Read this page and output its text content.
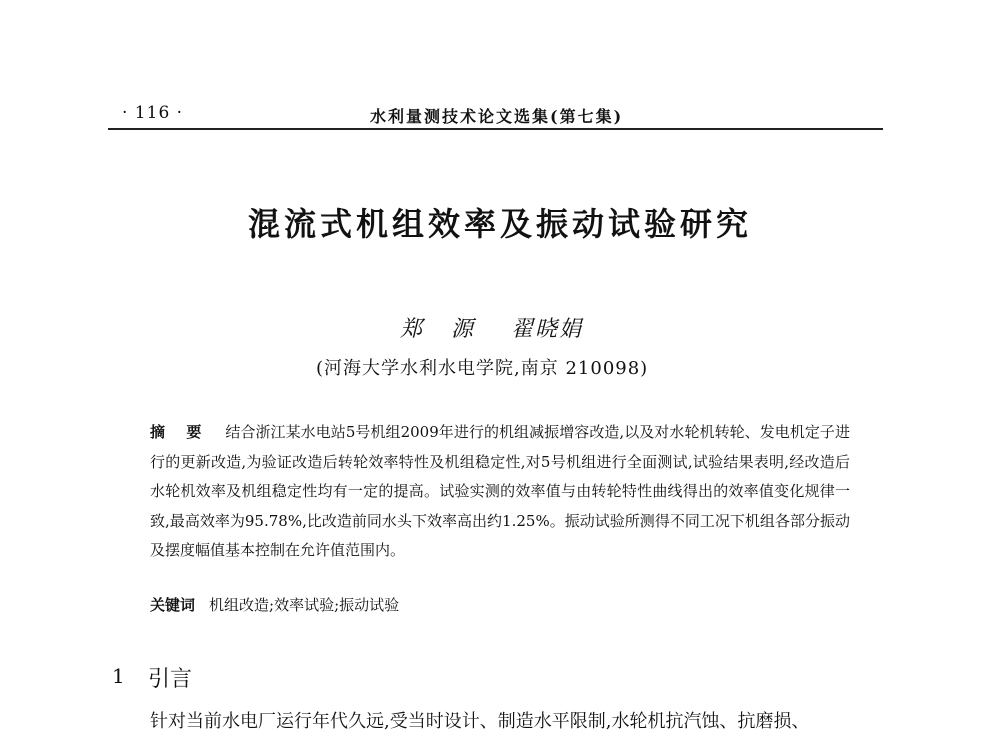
· 116 ·	水利量测技术论文选集(第七集)
混流式机组效率及振动试验研究
郑   源    翟晓娟
(河海大学水利水电学院,南京 210098)
摘 要 结合浙江某水电站5号机组2009年进行的机组减振增容改造,以及对水轮机转轮、发电机定子进行的更新改造,为验证改造后转轮效率特性及机组稳定性,对5号机组进行全面测试,试验结果表明,经改造后水轮机效率及机组稳定性均有一定的提高。试验实测的效率值与由转轮特性曲线得出的效率值变化规律一致,最高效率为95.78%,比改造前同水头下效率高出约1.25%。振动试验所测得不同工况下机组各部分振动及摆度幅值基本控制在允许值范围内。
关键词 机组改造;效率试验;振动试验
1 引言
针对当前水电厂运行年代久远,受当时设计、制造水平限制,水轮机抗汽蚀、抗磨损、
